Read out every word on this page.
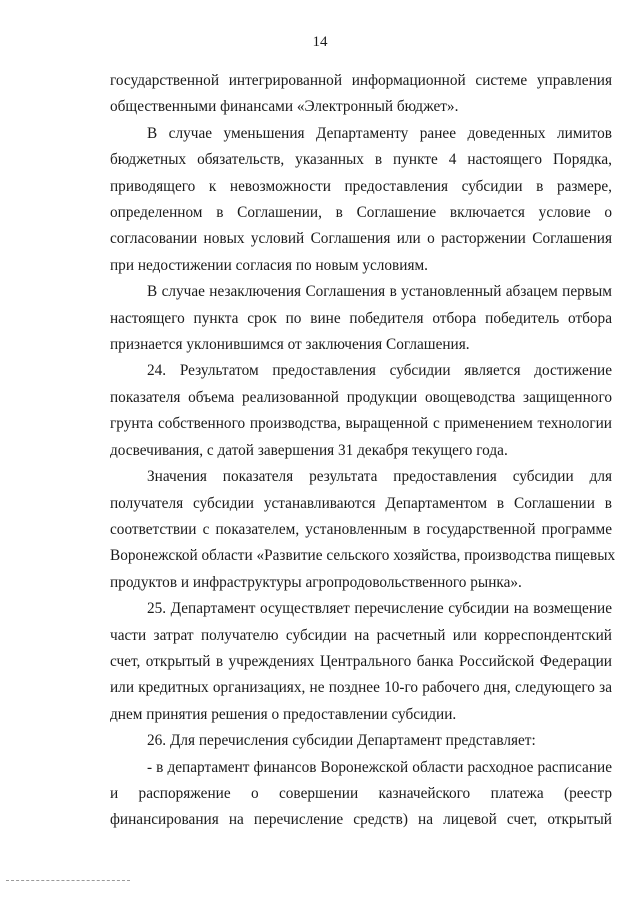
14
государственной интегрированной информационной системе управления
общественными финансами «Электронный бюджет».
В случае уменьшения Департаменту ранее доведенных лимитов
бюджетных обязательств, указанных в пункте 4 настоящего Порядка,
приводящего к невозможности предоставления субсидии в размере,
определенном в Соглашении, в Соглашение включается условие о
согласовании новых условий Соглашения или о расторжении Соглашения
при недостижении согласия по новым условиям.
В случае незаключения Соглашения в установленный абзацем первым
настоящего пункта срок по вине победителя отбора победитель отбора
признается уклонившимся от заключения Соглашения.
24. Результатом предоставления субсидии является достижение
показателя объема реализованной продукции овощеводства защищенного
грунта собственного производства, выращенной с применением технологии
досвечивания, с датой завершения 31 декабря текущего года.
Значения показателя результата предоставления субсидии для
получателя субсидии устанавливаются Департаментом в Соглашении в
соответствии с показателем, установленным в государственной программе
Воронежской области «Развитие сельского хозяйства, производства пищевых
продуктов и инфраструктуры агропродовольственного рынка».
25. Департамент осуществляет перечисление субсидии на возмещение
части затрат получателю субсидии на расчетный или корреспондентский
счет, открытый в учреждениях Центрального банка Российской Федерации
или кредитных организациях, не позднее 10-го рабочего дня, следующего за
днем принятия решения о предоставлении субсидии.
26. Для перечисления субсидии Департамент представляет:
- в департамент финансов Воронежской области расходное расписание
и распоряжение о совершении казначейского платежа (реестр
финансирования на перечисление средств) на лицевой счет, открытый
